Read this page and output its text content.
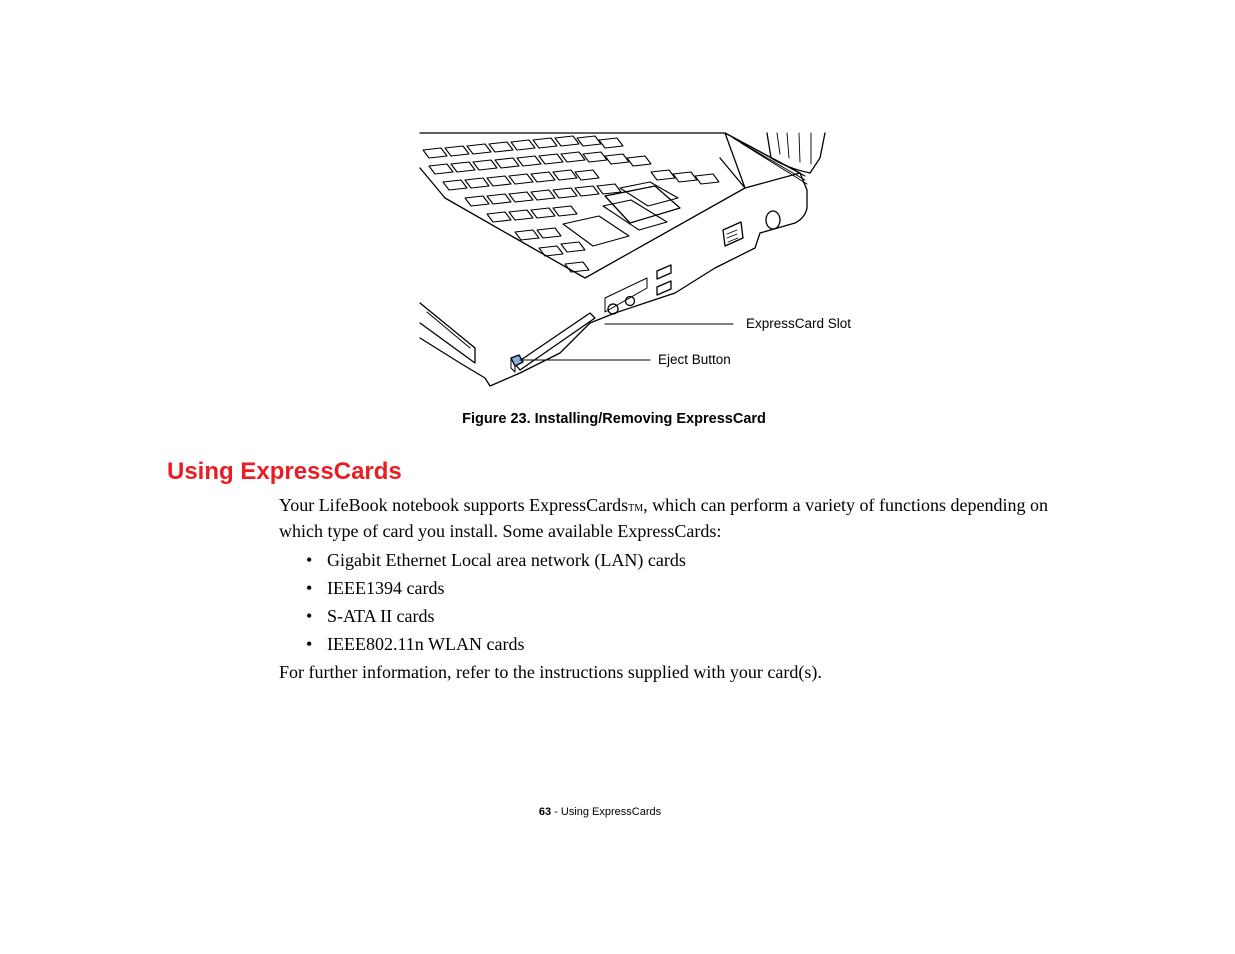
ExpressCard Slot
Eject Button
Figure 23. Installing/Removing ExpressCard
Using ExpressCards

Your LifeBook notebook supports ExpressCardsTM, which can perform a variety of functions depending on which type of card you install. Some available ExpressCards:

• Gigabit Ethernet Local area network (LAN) cards
• IEEE1394 cards
• S-ATA II cards
• IEEE802.11n WLAN cards

For further information, refer to the instructions supplied with your card(s).

63 - Using ExpressCards
